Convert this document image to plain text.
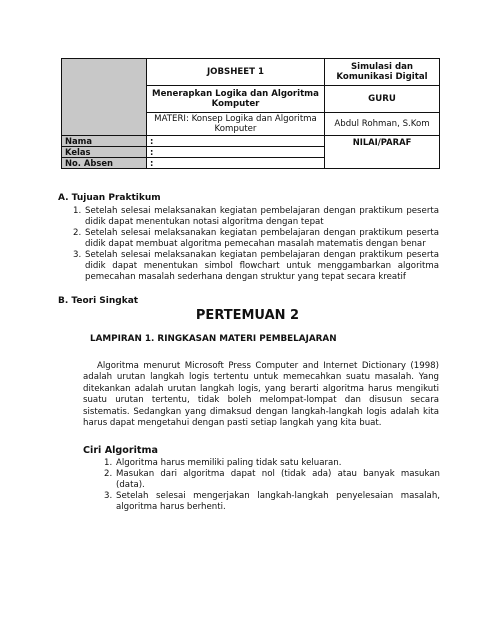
	JOBSHEET 1	Simulasi dan Komunikasi Digital
	Menerapkan Logika dan Algoritma Komputer	GURU
	MATERI: Konsep Logika dan Algoritma Komputer	Abdul Rohman, S.Kom
Nama	:	NILAI/PARAF
Kelas	:	
No. Absen	:	
A. Tujuan Praktikum
1. Setelah selesai melaksanakan kegiatan pembelajaran dengan praktikum peserta didik dapat menentukan notasi algoritma dengan tepat
2. Setelah selesai melaksanakan kegiatan pembelajaran dengan praktikum peserta didik dapat membuat algoritma pemecahan masalah matematis dengan benar
3. Setelah selesai melaksanakan kegiatan pembelajaran dengan praktikum peserta didik dapat menentukan simbol flowchart untuk menggambarkan algoritma pemecahan masalah sederhana dengan struktur yang tepat secara kreatif
B. Teori Singkat
PERTEMUAN 2
LAMPIRAN 1. RINGKASAN MATERI PEMBELAJARAN

Algoritma menurut Microsoft Press Computer and Internet Dictionary (1998) adalah urutan langkah logis tertentu untuk memecahkan suatu masalah. Yang ditekankan adalah urutan langkah logis, yang berarti algoritma harus mengikuti suatu urutan tertentu, tidak boleh melompat-lompat dan disusun secara sistematis. Sedangkan yang dimaksud dengan langkah-langkah logis adalah kita harus dapat mengetahui dengan pasti setiap langkah yang kita buat.

Ciri Algoritma
1. Algoritma harus memiliki paling tidak satu keluaran.
2. Masukan dari algoritma dapat nol (tidak ada) atau banyak masukan (data).
3. Setelah selesai mengerjakan langkah-langkah penyelesaian masalah, algoritma harus berhenti.
